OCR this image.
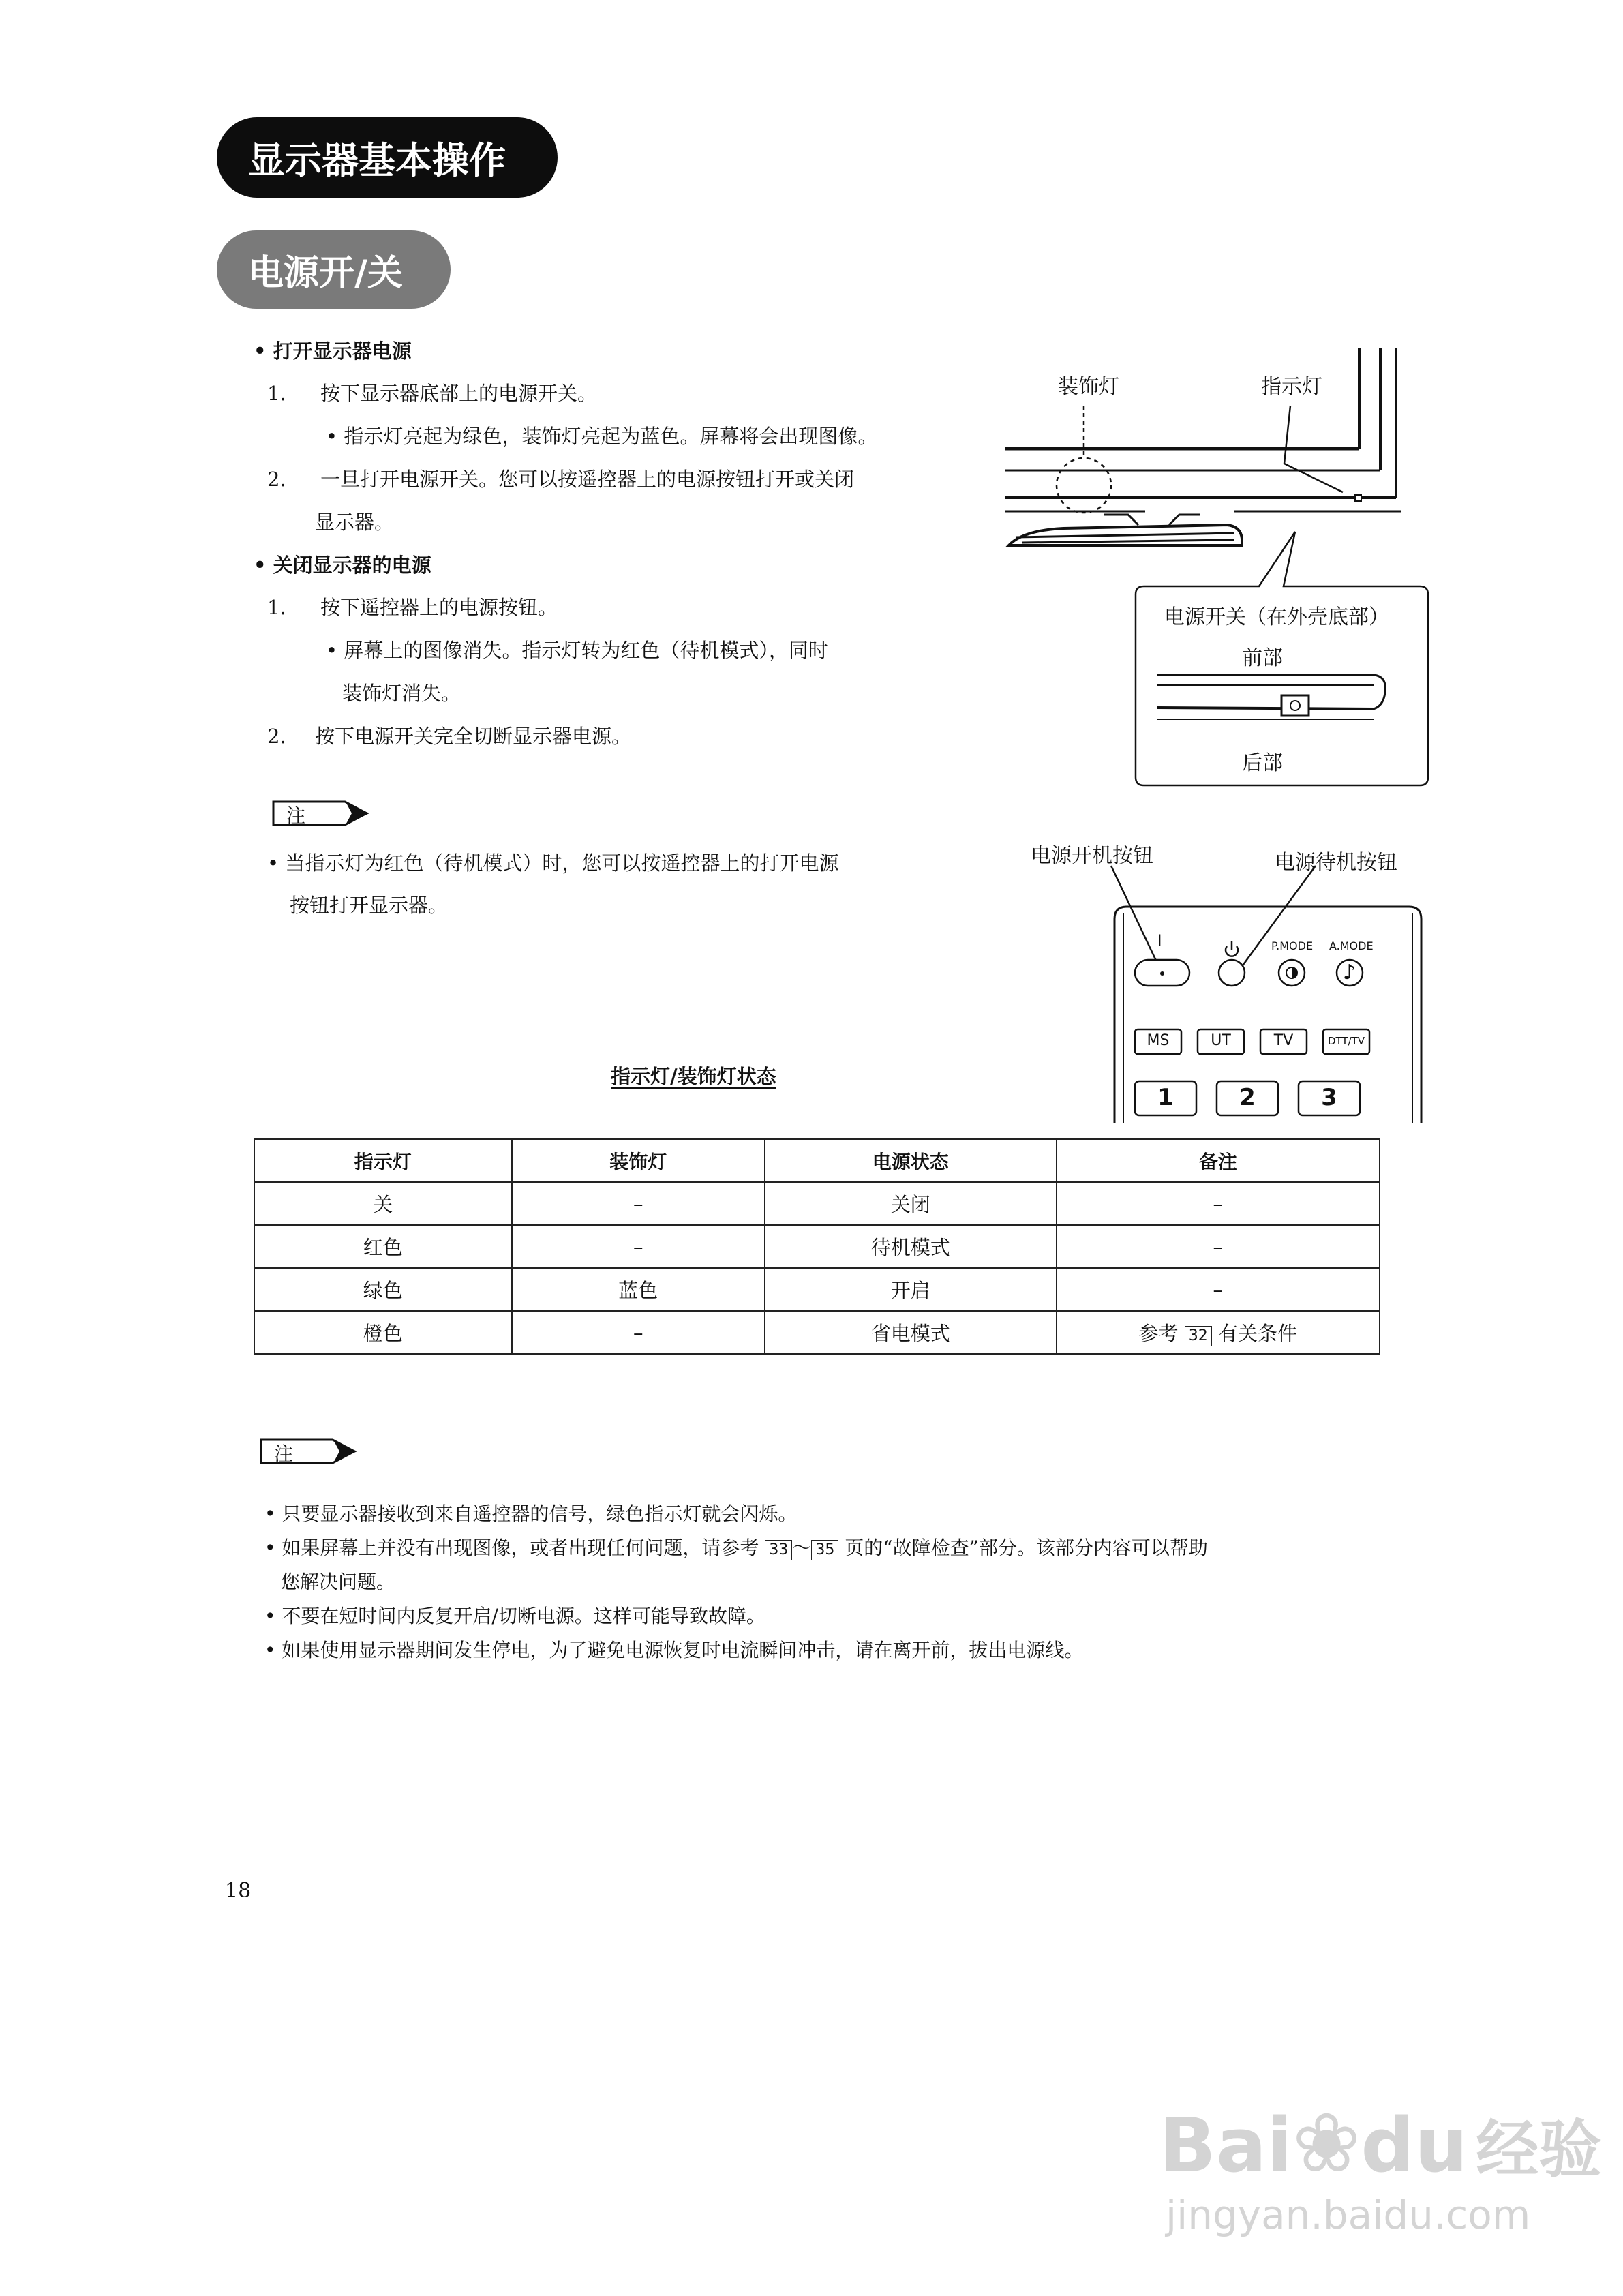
显示器基本操作
电源开/关
• 打开显示器电源
1. 按下显示器底部上的电源开关。
• 指示灯亮起为绿色，装饰灯亮起为蓝色。屏幕将会出现图像。
2. 一旦打开电源开关。您可以按遥控器上的电源按钮打开或关闭
显示器。
• 关闭显示器的电源
1. 按下遥控器上的电源按钮。
• 屏幕上的图像消失。指示灯转为红色（待机模式），同时
装饰灯消失。
2. 按下电源开关完全切断显示器电源。
注
• 当指示灯为红色（待机模式）时，您可以按遥控器上的打开电源
按钮打开显示器。
装饰灯	指示灯
电源开关（在外壳底部）
前部
后部
电源开机按钮	电源待机按钮
I	P.MODE A.MODE
♪
MS	UT	TV	DTT/TV
1	2	3
指示灯/装饰灯状态
指示灯	装饰灯	电源状态	备注
关	–	关闭	–
红色	–	待机模式	–
绿色	蓝色	开启	–
橙色	–	省电模式	参考 32 有关条件
注
• 只要显示器接收到来自遥控器的信号，绿色指示灯就会闪烁。
• 如果屏幕上并没有出现图像，或者出现任何问题，请参考 33 ～ 35 页的“故障检查”部分。该部分内容可以帮助
您解决问题。
• 不要在短时间内反复开启/切断电源。这样可能导致故障。
• 如果使用显示器期间发生停电，为了避免电源恢复时电流瞬间冲击，请在离开前，拔出电源线。
18
Bai❀du 经验
jingyan.baidu.com
